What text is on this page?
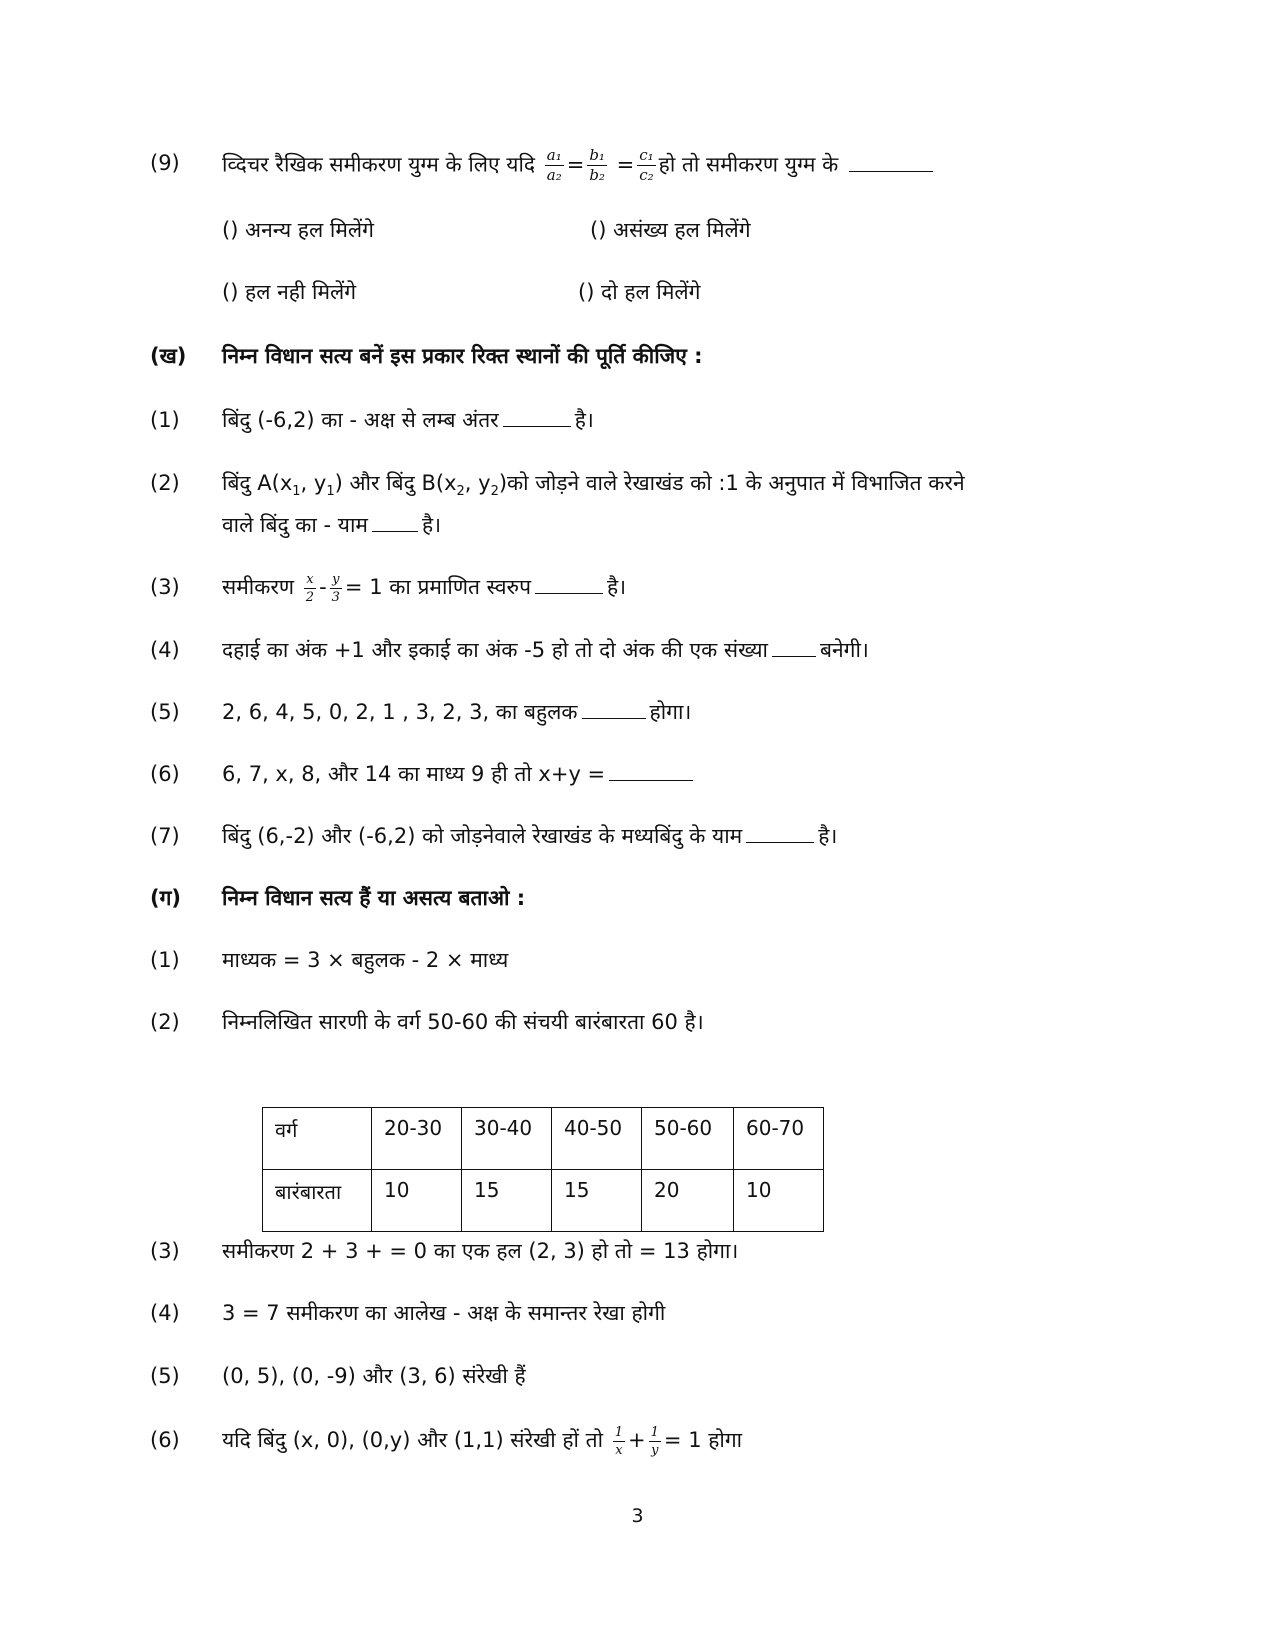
(9) व्दिचर रैखिक समीकरण युग्म के लिए यदि $\frac{\text{a₁}}{\text{a₂}} = \frac{\text{b₁}}{\text{b₂}} = \frac{\text{c₁}}{\text{c₂}}$ हो तो समीकरण युग्म के
() अनन्य हल मिलेंगे	() असंख्य हल मिलेंगे
() हल नही मिलेंगे	() दो हल मिलेंगे
(ख) निम्न विधान सत्य बनें इस प्रकार रिक्त स्थानों की पूर्ति कीजिए :
(1) बिंदु (-6,2) का - अक्ष से लम्ब अंतर	है।
(2) बिंदु $A(x_1$, $y_1$) और बिंदु $B(x_2$, $y_2)को$ जोड़ने वाले रेखाखंड को :1 के अनुपात में विभाजित करने
वाले बिंदु का - याम	है।
(3) समीकरण $\frac{x}{2} - \frac{y}{3} = 1$ का प्रमाणित स्वरुप	है।
(4) दहाई का अंक +1 और इकाई का अंक -5 हो तो दो अंक की एक संख्या बनेगी।
(5) 2, 6, 4, 5, 0, 2, 1 , 3, 2, 3, का बहुलक	होगा।
(6) 6, 7, x, 8, और 14 का माध्य 9 ही तो x+y =
(7) बिंदु (6,-2) और (-6,2) को जोड़नेवाले रेखाखंड के मध्यबिंदु के याम	है।
(ग) निम्न विधान सत्य हैं या असत्य बताओ :
(1) माध्यक = 3 × बहुलक - 2 × माध्य
(2) निम्नलिखित सारणी के वर्ग 50-60 की संचयी बारंबारता 60 है।
वर्ग	20-30	30-40	40-50	50-60	60-70
बारंबारता	10	15	15	20	10
(3) समीकरण 2 + 3 + = 0 का एक हल (2, 3) हो तो = 13 होगा।
(4) 3 = 7 समीकरण का आलेख - अक्ष के समान्तर रेखा होगी
(5) (0, 5), (0, -9) और (3, 6) संरेखी हैं
(6) यदि बिंदु (x, 0), (0,y) और (1,1) संरेखी हों तो $\frac{1}{x} + \frac{1}{y} = 1$ होगा
3
